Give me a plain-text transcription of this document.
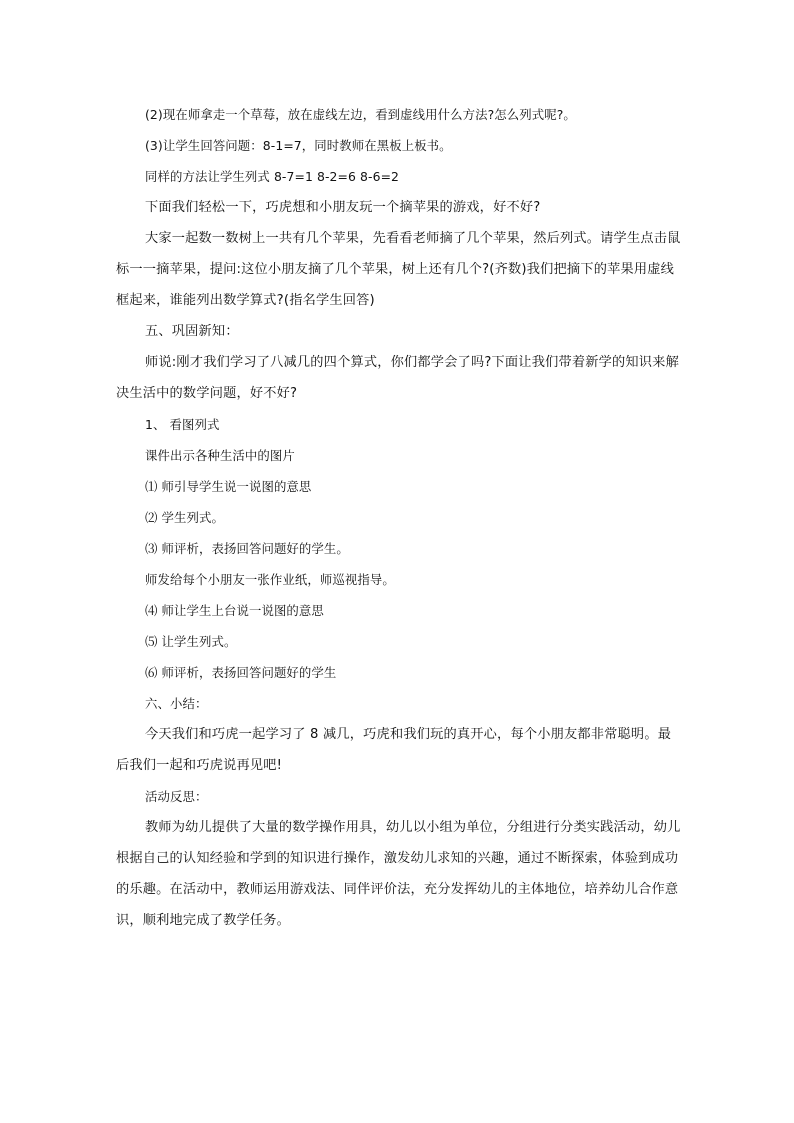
(2)现在师拿走一个草莓，放在虚线左边，看到虚线用什么方法?怎么列式呢?。

(3)让学生回答问题：8-1=7，同时教师在黑板上板书。

同样的方法让学生列式 8-7=1 8-2=6 8-6=2

下面我们轻松一下，巧虎想和小朋友玩一个摘苹果的游戏，好不好?

大家一起数一数树上一共有几个苹果，先看看老师摘了几个苹果，然后列式。请学生点击鼠标一一摘苹果，提问:这位小朋友摘了几个苹果，树上还有几个?(齐数)我们把摘下的苹果用虚线框起来，谁能列出数学算式?(指名学生回答)

五、巩固新知：

师说:刚才我们学习了八减几的四个算式，你们都学会了吗?下面让我们带着新学的知识来解决生活中的数学问题，好不好?

1、 看图列式

课件出示各种生活中的图片

⑴ 师引导学生说一说图的意思

⑵ 学生列式。

⑶ 师评析，表扬回答问题好的学生。

师发给每个小朋友一张作业纸，师巡视指导。

⑷ 师让学生上台说一说图的意思

⑸ 让学生列式。

⑹ 师评析，表扬回答问题好的学生

六、小结：

今天我们和巧虎一起学习了 8 减几，巧虎和我们玩的真开心，每个小朋友都非常聪明。最后我们一起和巧虎说再见吧!

活动反思：

教师为幼儿提供了大量的数学操作用具，幼儿以小组为单位，分组进行分类实践活动，幼儿根据自己的认知经验和学到的知识进行操作，激发幼儿求知的兴趣，通过不断探索，体验到成功的乐趣。在活动中，教师运用游戏法、同伴评价法，充分发挥幼儿的主体地位，培养幼儿合作意识，顺利地完成了教学任务。
